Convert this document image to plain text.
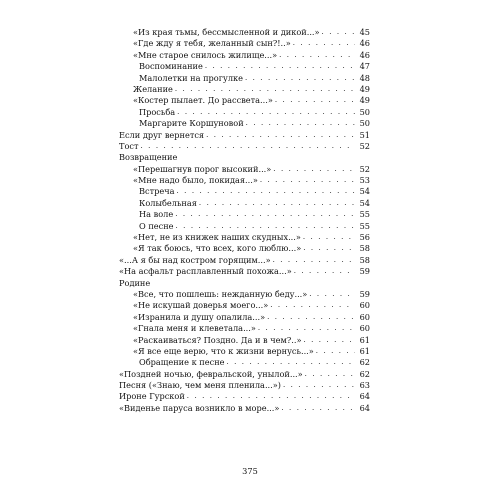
«Из края тьмы, бессмысленной и дикой...» . . .	45
«Где жду я тебя, желанный сын?!..» . . .	46
«Мне старое снилось жилище...» . . .	46
Воспоминание . . .	47
Малолетки на прогулке . . .	48
Желание . . .	49
«Костер пылает. До рассвета...» . . .	49
Просьба . . .	50
Маргарите Коршуновой . . .	50
Если друг вернется . . .	51
Тост . . .	52
Возвращение
«Перешагнув порог высокий...» . . .	52
«Мне надо было, покидая...» . . .	53
Встреча . . .	54
Колыбельная . . .	54
На воле . . .	55
О песне . . .	55
«Нет, не из книжек наших скудных...» . . .	56
«Я так боюсь, что всех, кого люблю...» . . .	58
«...А я бы над костром горящим...» . . .	58
«На асфальт расплавленный похожа...» . . .	59
Родине
«Все, что пошлешь: нежданную беду...» . . .	59
«Не искушай доверья моего...» . . .	60
«Изранила и душу опалила...» . . .	60
«Гнала меня и клеветала...» . . .	60
«Раскаиваться? Поздно. Да и в чем?..» . . .	61
«Я все еще верю, что к жизни вернусь...» . . .	61
Обращение к песне . . .	62
«Поздней ночью, февральской, унылой...» . . .	62
Песня («Знаю, чем меня пленила...») . . .	63
Ироне Гурской . . .	64
«Виденье паруса возникло в море...» . . .	64
375
